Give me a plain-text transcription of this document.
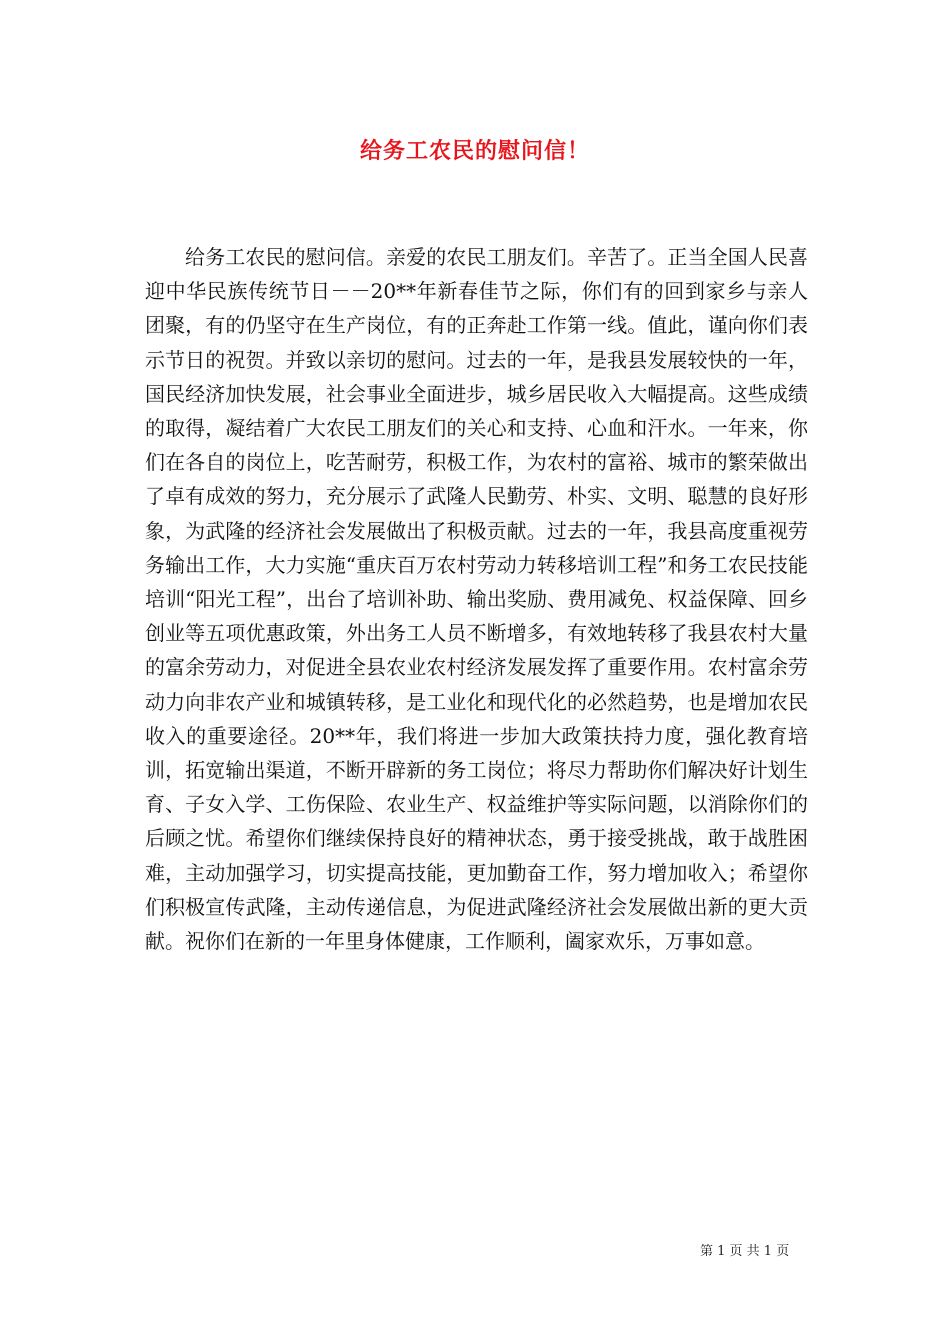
给务工农民的慰问信！
给务工农民的慰问信。亲爱的农民工朋友们。辛苦了。正当全国人民喜迎中华民族传统节日－－20**年新春佳节之际，你们有的回到家乡与亲人团聚，有的仍坚守在生产岗位，有的正奔赴工作第一线。值此，谨向你们表示节日的祝贺。并致以亲切的慰问。过去的一年，是我县发展较快的一年，国民经济加快发展，社会事业全面进步，城乡居民收入大幅提高。这些成绩的取得，凝结着广大农民工朋友们的关心和支持、心血和汗水。一年来，你们在各自的岗位上，吃苦耐劳，积极工作，为农村的富裕、城市的繁荣做出了卓有成效的努力，充分展示了武隆人民勤劳、朴实、文明、聪慧的良好形象，为武隆的经济社会发展做出了积极贡献。过去的一年，我县高度重视劳务输出工作，大力实施“重庆百万农村劳动力转移培训工程”和务工农民技能培训“阳光工程”，出台了培训补助、输出奖励、费用减免、权益保障、回乡创业等五项优惠政策，外出务工人员不断增多，有效地转移了我县农村大量的富余劳动力，对促进全县农业农村经济发展发挥了重要作用。农村富余劳动力向非农产业和城镇转移，是工业化和现代化的必然趋势，也是增加农民收入的重要途径。20**年，我们将进一步加大政策扶持力度，强化教育培训，拓宽输出渠道，不断开辟新的务工岗位；将尽力帮助你们解决好计划生育、子女入学、工伤保险、农业生产、权益维护等实际问题，以消除你们的后顾之忧。希望你们继续保持良好的精神状态，勇于接受挑战，敢于战胜困难，主动加强学习，切实提高技能，更加勤奋工作，努力增加收入；希望你们积极宣传武隆，主动传递信息，为促进武隆经济社会发展做出新的更大贡献。祝你们在新的一年里身体健康，工作顺利，阖家欢乐，万事如意。
第 1 页 共 1 页
